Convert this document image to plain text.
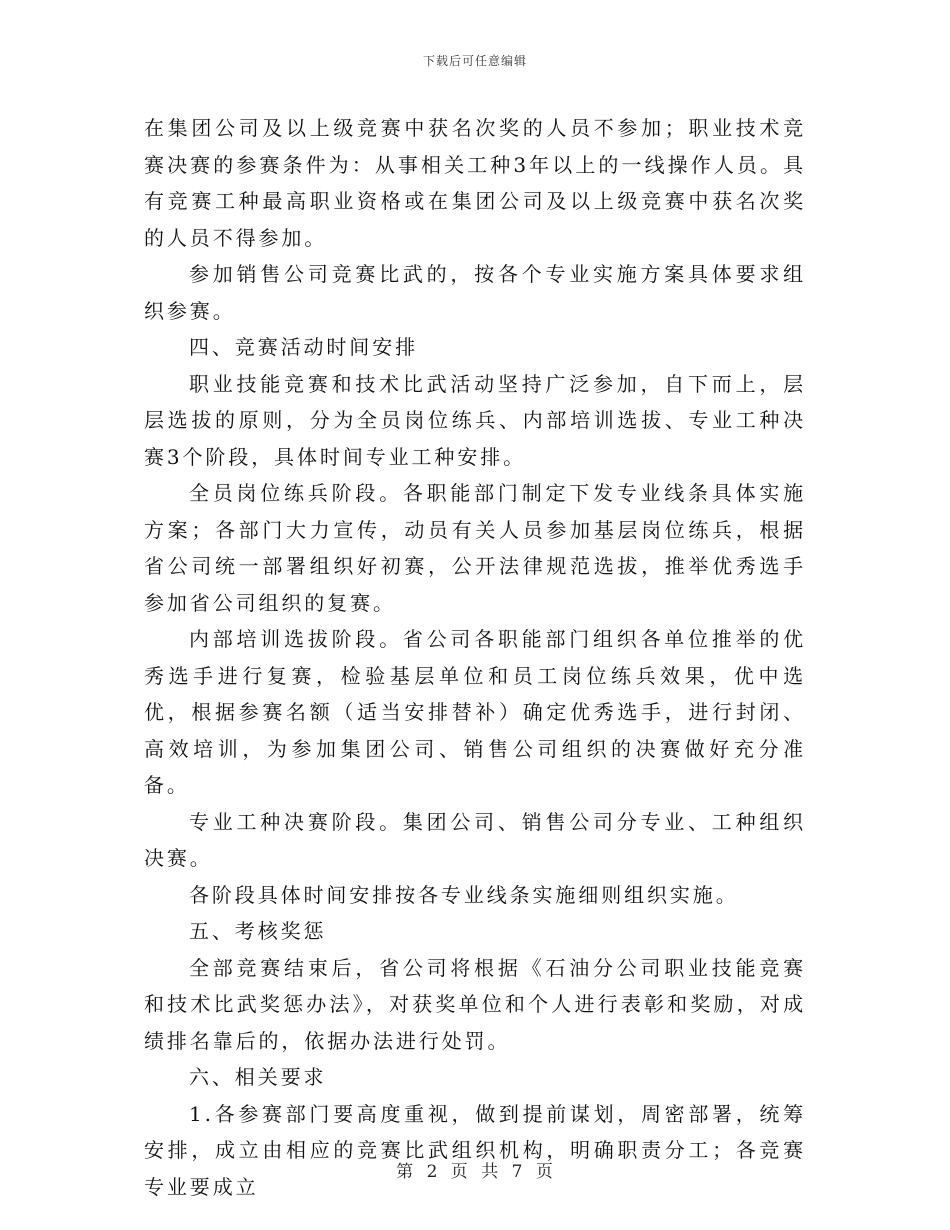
下载后可任意编辑

在集团公司及以上级竞赛中获名次奖的人员不参加；职业技术竞赛决赛的参赛条件为：从事相关工种3年以上的一线操作人员。具有竞赛工种最高职业资格或在集团公司及以上级竞赛中获名次奖的人员不得参加。

参加销售公司竞赛比武的，按各个专业实施方案具体要求组织参赛。

四、竞赛活动时间安排

职业技能竞赛和技术比武活动坚持广泛参加，自下而上，层层选拔的原则，分为全员岗位练兵、内部培训选拔、专业工种决赛3个阶段，具体时间专业工种安排。

全员岗位练兵阶段。各职能部门制定下发专业线条具体实施方案；各部门大力宣传，动员有关人员参加基层岗位练兵，根据省公司统一部署组织好初赛，公开法律规范选拔，推举优秀选手参加省公司组织的复赛。

内部培训选拔阶段。省公司各职能部门组织各单位推举的优秀选手进行复赛，检验基层单位和员工岗位练兵效果，优中选优，根据参赛名额（适当安排替补）确定优秀选手，进行封闭、高效培训，为参加集团公司、销售公司组织的决赛做好充分准备。

专业工种决赛阶段。集团公司、销售公司分专业、工种组织决赛。

各阶段具体时间安排按各专业线条实施细则组织实施。

五、考核奖惩

全部竞赛结束后，省公司将根据《石油分公司职业技能竞赛和技术比武奖惩办法》，对获奖单位和个人进行表彰和奖励，对成绩排名靠后的，依据办法进行处罚。

六、相关要求

1.各参赛部门要高度重视，做到提前谋划，周密部署，统筹安排，成立由相应的竞赛比武组织机构，明确职责分工；各竞赛专业要成立

第 2 页 共 7 页
